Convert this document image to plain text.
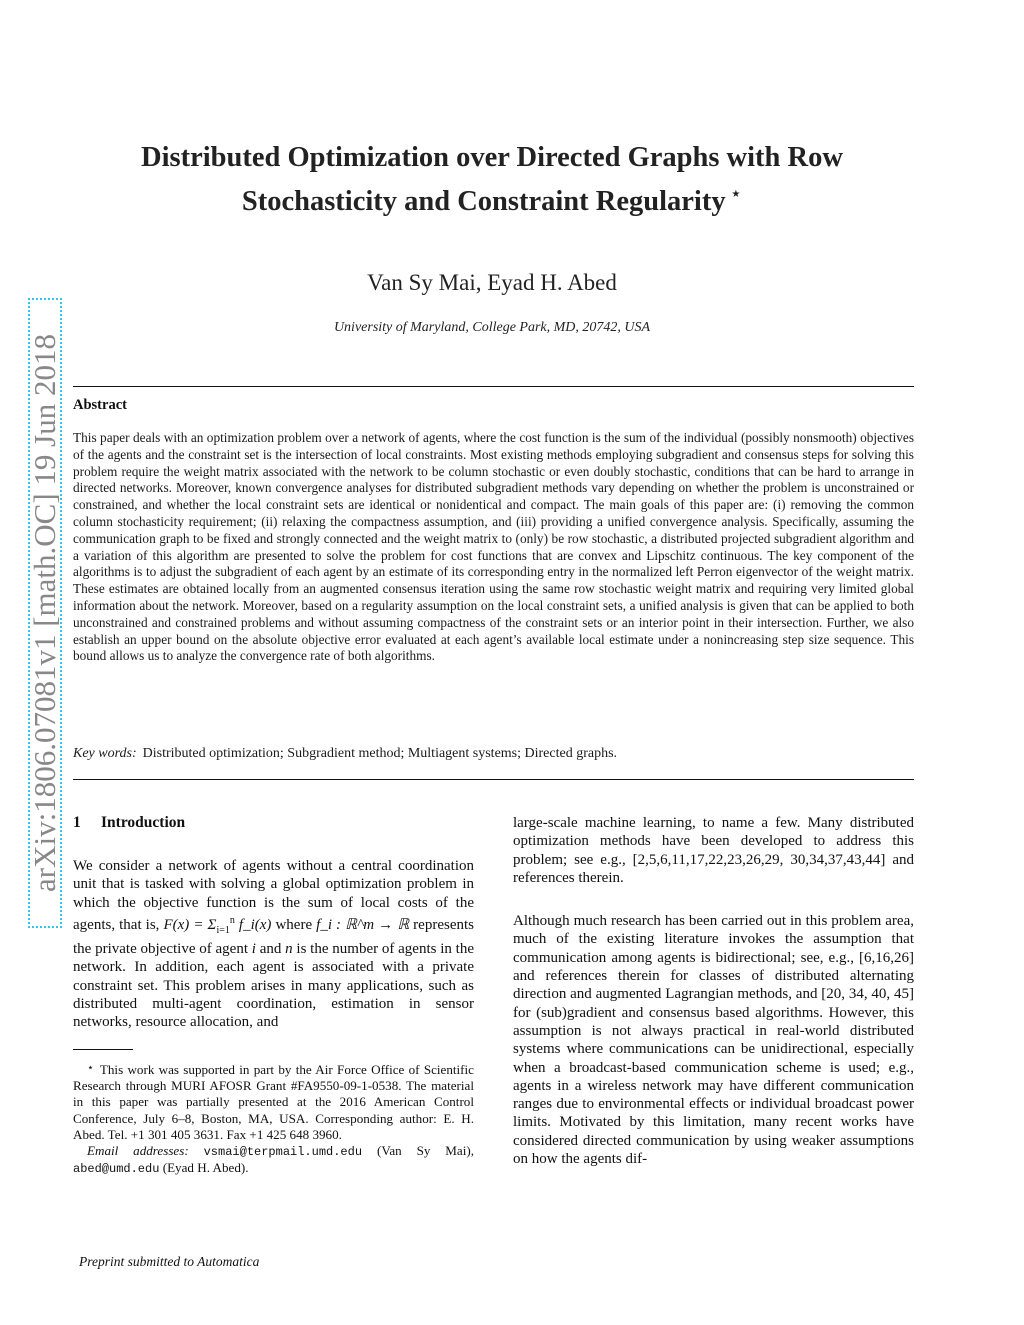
arXiv:1806.07081v1 [math.OC] 19 Jun 2018
Distributed Optimization over Directed Graphs with Row
Stochasticity and Constraint Regularity ⋆
Van Sy Mai, Eyad H. Abed
University of Maryland, College Park, MD, 20742, USA
Abstract
This paper deals with an optimization problem over a network of agents, where the cost function is the sum of the individual (possibly nonsmooth) objectives of the agents and the constraint set is the intersection of local constraints. Most existing methods employing subgradient and consensus steps for solving this problem require the weight matrix associated with the network to be column stochastic or even doubly stochastic, conditions that can be hard to arrange in directed networks. Moreover, known convergence analyses for distributed subgradient methods vary depending on whether the problem is unconstrained or constrained, and whether the local constraint sets are identical or nonidentical and compact. The main goals of this paper are: (i) removing the common column stochasticity requirement; (ii) relaxing the compactness assumption, and (iii) providing a unified convergence analysis. Specifically, assuming the communication graph to be fixed and strongly connected and the weight matrix to (only) be row stochastic, a distributed projected subgradient algorithm and a variation of this algorithm are presented to solve the problem for cost functions that are convex and Lipschitz continuous. The key component of the algorithms is to adjust the subgradient of each agent by an estimate of its corresponding entry in the normalized left Perron eigenvector of the weight matrix. These estimates are obtained locally from an augmented consensus iteration using the same row stochastic weight matrix and requiring very limited global information about the network. Moreover, based on a regularity assumption on the local constraint sets, a unified analysis is given that can be applied to both unconstrained and constrained problems and without assuming compactness of the constraint sets or an interior point in their intersection. Further, we also establish an upper bound on the absolute objective error evaluated at each agent’s available local estimate under a nonincreasing step size sequence. This bound allows us to analyze the convergence rate of both algorithms.
Key words: Distributed optimization; Subgradient method; Multiagent systems; Directed graphs.
1 Introduction

We consider a network of agents without a central coordination unit that is tasked with solving a global optimization problem in which the objective function is the sum of local costs of the agents, that is, $F(x) = \Sigma_{i=1}^n$ f_i(x) where f_i : ℝ^m → ℝ represents the private objective of agent i and n is the number of agents in the network. In addition, each agent is associated with a private constraint set. This problem arises in many applications, such as distributed multi-agent coordination, estimation in sensor networks, resource allocation, and

⋆ This work was supported in part by the Air Force Office of Scientific Research through MURI AFOSR Grant #FA9550-09-1-0538. The material in this paper was partially presented at the 2016 American Control Conference, July 6–8, Boston, MA, USA. Corresponding author: E. H. Abed. Tel. +1 301 405 3631. Fax +1 425 648 3960.

Email addresses: vsmai@terpmail.umd.edu (Van Sy Mai), abed@umd.edu (Eyad H. Abed).

large-scale machine learning, to name a few. Many distributed optimization methods have been developed to address this problem; see e.g., [2,5,6,11,17,22,23,26,29, 30,34,37,43,44] and references therein.

Although much research has been carried out in this problem area, much of the existing literature invokes the assumption that communication among agents is bidirectional; see, e.g., [6,16,26] and references therein for classes of distributed alternating direction and augmented Lagrangian methods, and [20, 34, 40, 45] for (sub)gradient and consensus based algorithms. However, this assumption is not always practical in real-world distributed systems where communications can be unidirectional, especially when a broadcast-based communication scheme is used; e.g., agents in a wireless network may have different communication ranges due to environmental effects or individual broadcast power limits. Motivated by this limitation, many recent works have considered directed communication by using weaker assumptions on how the agents dif-

Preprint submitted to Automatica
